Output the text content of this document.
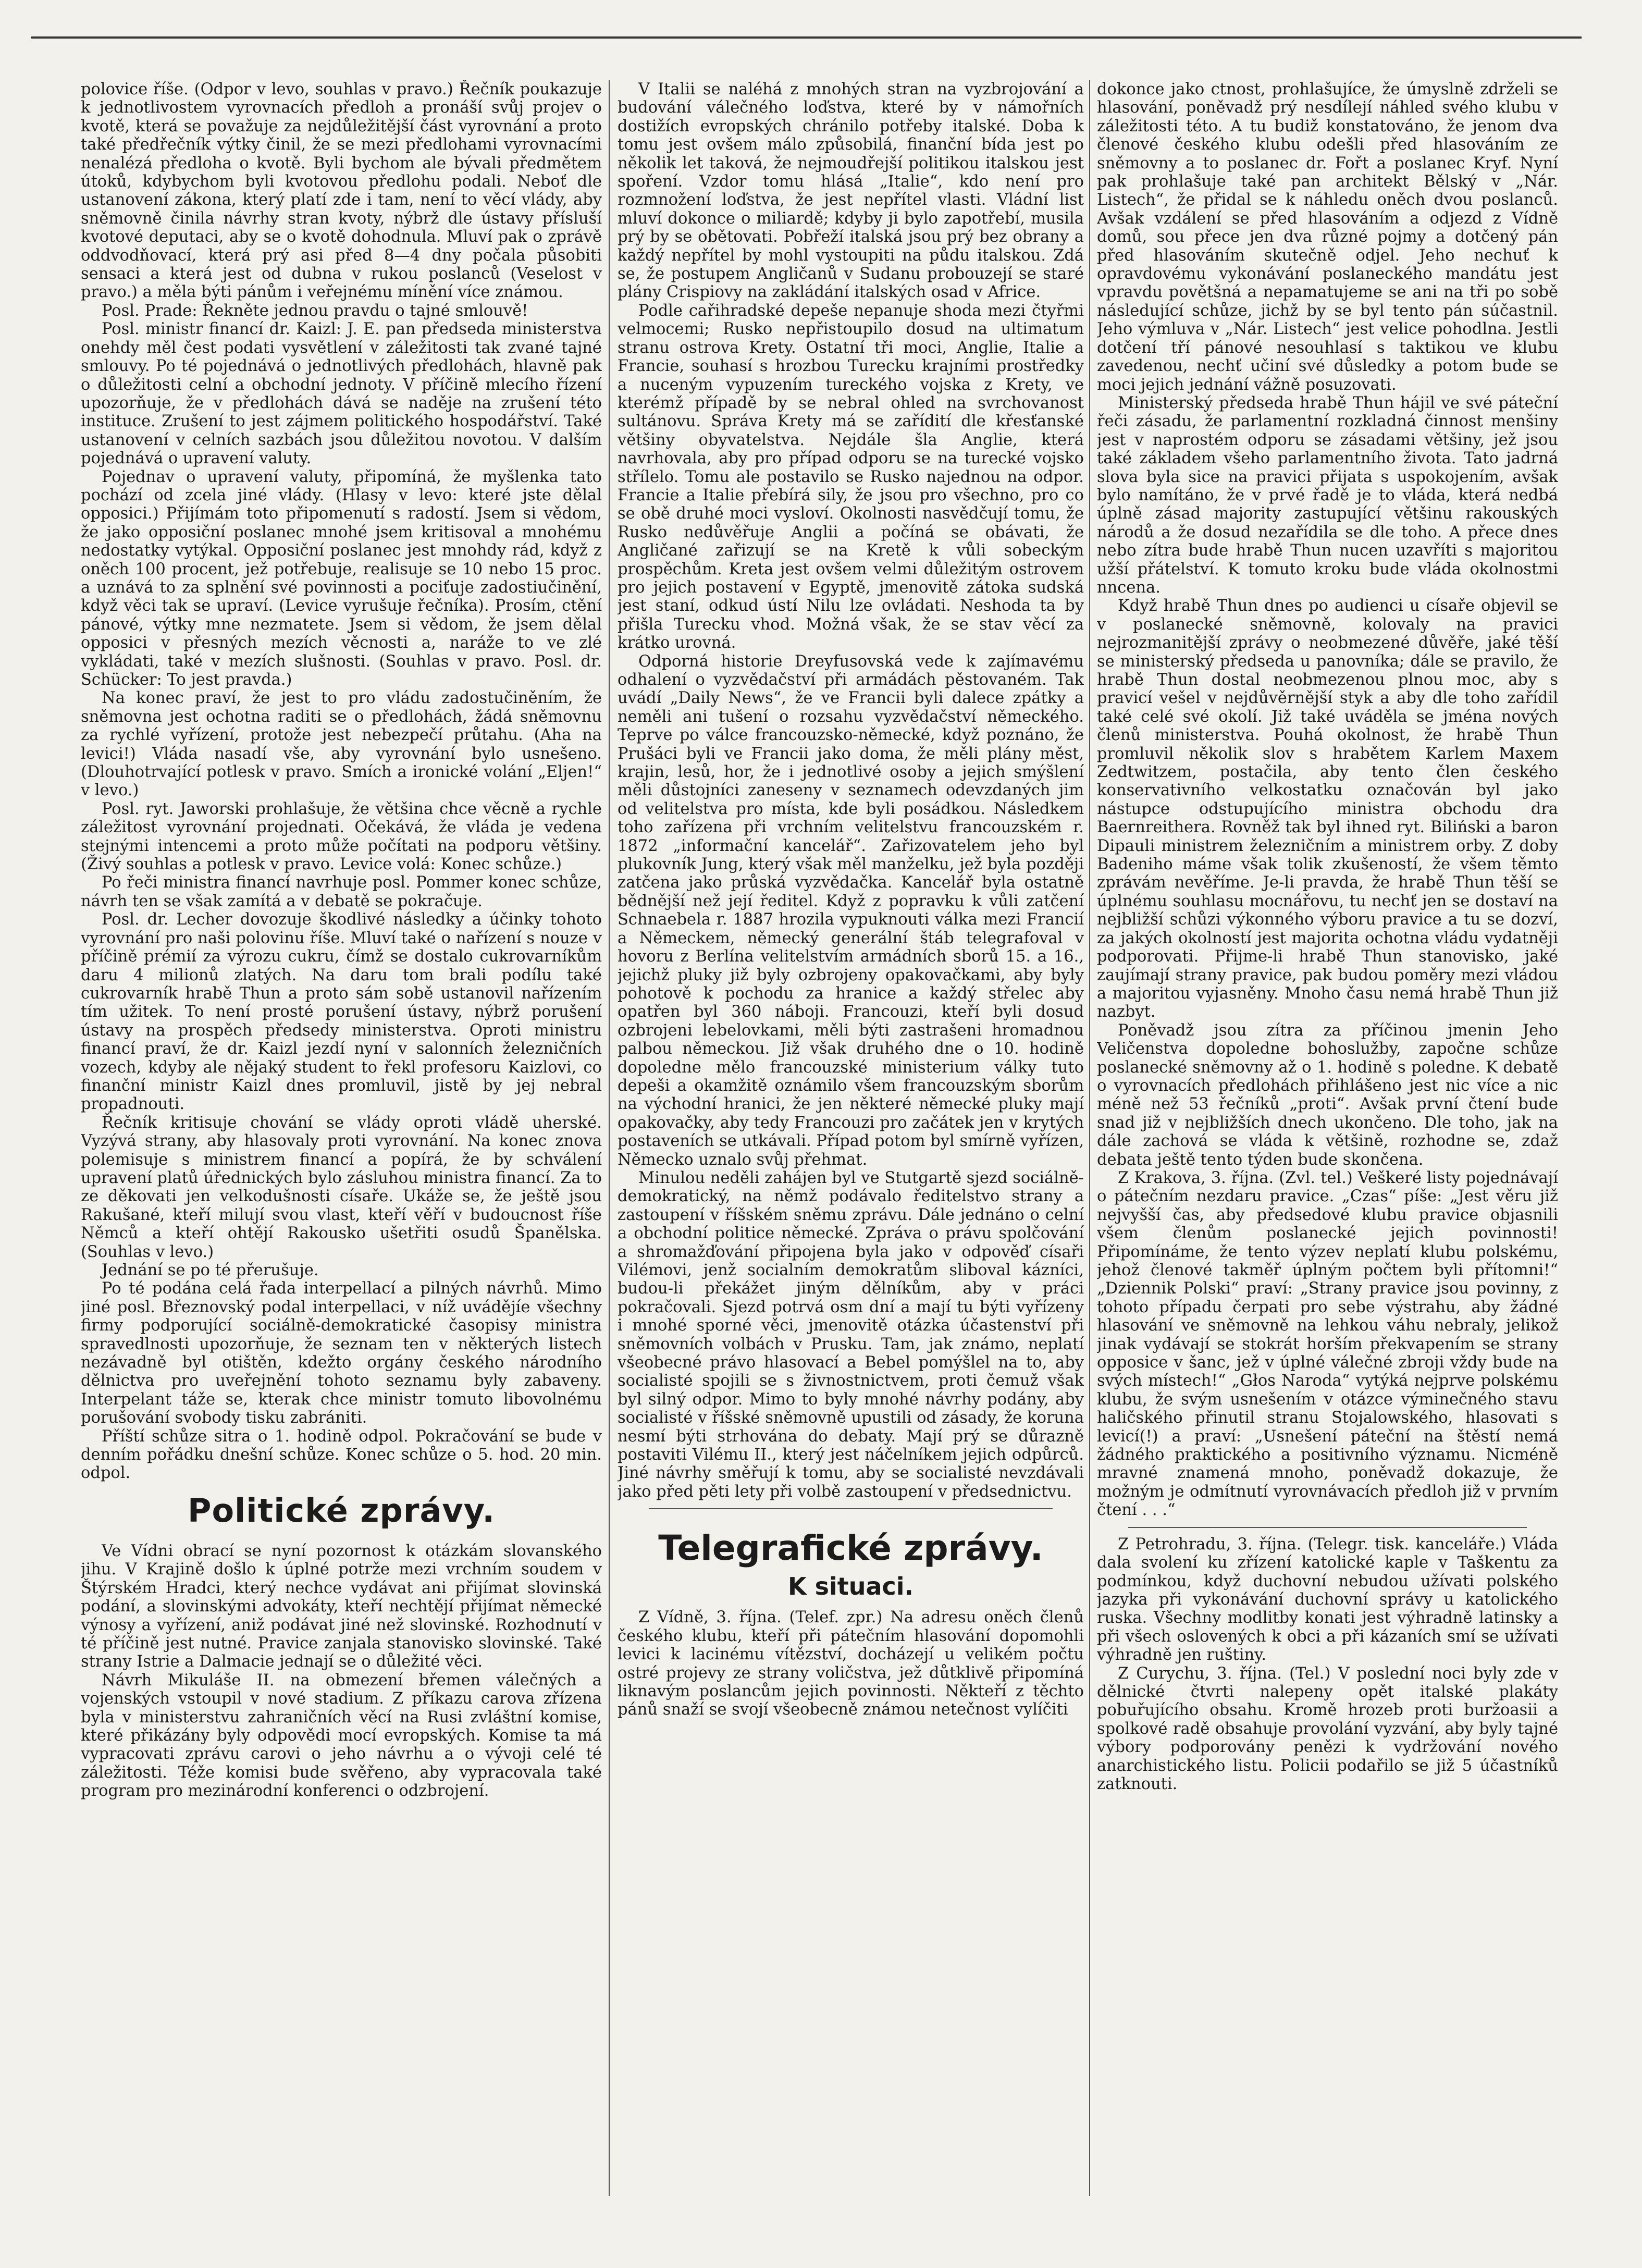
polovice říše. (Odpor v levo, souhlas v pravo.) Řečník poukazuje k jednotlivostem vyrovnacích předloh a pronáší svůj projev o kvotě, která se považuje za nejdůležitější část vyrovnání a proto také předřečník výtky činil, že se mezi předlohami vyrovnacími nenalézá předloha o kvotě. Byli bychom ale bývali předmětem útoků, kdybychom byli kvotovou předlohu podali. Neboť dle ustanovení zákona, který platí zde i tam, není to věcí vlády, aby sněmovně činila návrhy stran kvoty, nýbrž dle ústavy přísluší kvotové deputaci, aby se o kvotě dohodnula. Mluví pak o zprávě oddvodňovací, která prý asi před 8—4 dny počala působiti sensaci a která jest od dubna v rukou poslanců (Veselost v pravo.) a měla býti pánům i veřejnému mínění více známou.

Posl. Prade: Řekněte jednou pravdu o tajné smlouvě!

Posl. ministr financí dr. Kaizl: J. E. pan předseda ministerstva onehdy měl čest podati vysvětlení v záležitosti tak zvané tajné smlouvy. Po té pojednává o jednotlivých předlohách, hlavně pak o důležitosti celní a obchodní jednoty. V příčině mlecího řízení upozorňuje, že v předlohách dává se naděje na zrušení této instituce. Zrušení to jest zájmem politického hospodářství. Také ustanovení v celních sazbách jsou důležitou novotou. V dalším pojednává o upravení valuty.

Pojednav o upravení valuty, připomíná, že myšlenka tato pochází od zcela jiné vlády. (Hlasy v levo: které jste dělal opposici.) Přijímám toto připomenutí s radostí. Jsem si vědom, že jako opposiční poslanec mnohé jsem kritisoval a mnohému nedostatky vytýkal. Opposiční poslanec jest mnohdy rád, když z oněch 100 procent, jež potřebuje, realisuje se 10 nebo 15 proc. a uznává to za splnění své povinnosti a pociťuje zadostiučinění, když věci tak se upraví. (Levice vyrušuje řečníka). Prosím, ctění pánové, výtky mne nezmatete. Jsem si vědom, že jsem dělal opposici v přesných mezích věcnosti a, naráže to ve zlé vykládati, také v mezích slušnosti. (Souhlas v pravo. Posl. dr. Schücker: To jest pravda.)

Na konec praví, že jest to pro vládu zadostučiněním, že sněmovna jest ochotna raditi se o předlohách, žádá sněmovnu za rychlé vyřízení, protože jest nebezpečí průtahu. (Aha na levici!) Vláda nasadí vše, aby vyrovnání bylo usnešeno. (Dlouhotrvající potlesk v pravo. Smích a ironické volání „Eljen!“ v levo.)

Posl. ryt. Jaworski prohlašuje, že většina chce věcně a rychle záležitost vyrovnání projednati. Očekává, že vláda je vedena stejnými intencemi a proto může počítati na podporu většiny. (Živý souhlas a potlesk v pravo. Levice volá: Konec schůze.)

Po řeči ministra financí navrhuje posl. Pommer konec schůze, návrh ten se však zamítá a v debatě se pokračuje.

Posl. dr. Lecher dovozuje škodlivé následky a účinky tohoto vyrovnání pro naši polovinu říše. Mluví také o nařízení s nouze v příčině prémií za výrozu cukru, čímž se dostalo cukrovarníkům daru 4 milionů zlatých. Na daru tom brali podílu také cukrovarník hrabě Thun a proto sám sobě ustanovil nařízením tím užitek. To není prosté porušení ústavy, nýbrž porušení ústavy na prospěch předsedy ministerstva. Oproti ministru financí praví, že dr. Kaizl jezdí nyní v salonních železničních vozech, kdyby ale nějaký student to řekl profesoru Kaizlovi, co finanční ministr Kaizl dnes promluvil, jistě by jej nebral propadnouti.

Řečník kritisuje chování se vlády oproti vládě uherské. Vyzývá strany, aby hlasovaly proti vyrovnání. Na konec znova polemisuje s ministrem financí a popírá, že by schválení upravení platů úřednických bylo zásluhou ministra financí. Za to ze děkovati jen velkodušnosti císaře. Ukáže se, že ještě jsou Rakušané, kteří milují svou vlast, kteří věří v budoucnost říše Němců a kteří ohtějí Rakousko ušetřiti osudů Španělska. (Souhlas v levo.)

Jednání se po té přerušuje.

Po té podána celá řada interpellací a pilných návrhů. Mimo jiné posl. Březnovský podal interpellaci, v níž uvádějíe všechny firmy podporující sociálně-demokratické časopisy ministra spravedlnosti upozorňuje, že seznam ten v některých listech nezávadně byl otištěn, kdežto orgány českého národního dělnictva pro uveřejnění tohoto seznamu byly zabaveny. Interpelant táže se, kterak chce ministr tomuto libovolnému porušování svobody tisku zabrániti.

Příští schůze sitra o 1. hodině odpol. Pokračování se bude v denním pořádku dnešní schůze. Konec schůze o 5. hod. 20 min. odpol.

Politické zprávy.

Ve Vídni obrací se nyní pozornost k otázkám slovanského jihu. V Krajině došlo k úplné potrže mezi vrchním soudem v Štýrském Hradci, který nechce vydávat ani přijímat slovinská podání, a slovinskými advokáty, kteří nechtějí přijímat německé výnosy a vyřízení, aniž podávat jiné než slovinské. Rozhodnutí v té příčině jest nutné. Pravice zanjala stanovisko slovinské. Také strany Istrie a Dalmacie jednají se o důležité věci.

Návrh Mikuláše II. na obmezení břemen válečných a vojenských vstoupil v nové stadium. Z příkazu carova zřízena byla v ministerstvu zahraničních věcí na Rusi zvláštní komise, které přikázány byly odpovědi mocí evropských. Komise ta má vypracovati zprávu carovi o jeho návrhu a o vývoji celé té záležitosti. Téže komisi bude svěřeno, aby vypracovala také program pro mezinárodní konferenci o odzbrojení.

V Italii se naléhá z mnohých stran na vyzbrojování a budování válečného loďstva, které by v námořních dostižích evropských chránilo potřeby italské. Doba k tomu jest ovšem málo způsobilá, finanční bída jest po několik let taková, že nejmoudřejší politikou italskou jest spoření. Vzdor tomu hlásá „Italie“, kdo není pro rozmnožení loďstva, že jest nepřítel vlasti. Vládní list mluví dokonce o miliardě; kdyby ji bylo zapotřebí, musila prý by se obětovati. Pobřeží italská jsou prý bez obrany a každý nepřítel by mohl vystoupiti na půdu italskou. Zdá se, že postupem Angličanů v Sudanu probouzejí se staré plány Crispiovy na zakládání italských osad v Africe.

Podle cařihradské depeše nepanuje shoda mezi čtyřmi velmocemi; Rusko nepřistoupilo dosud na ultimatum stranu ostrova Krety. Ostatní tři moci, Anglie, Italie a Francie, souhasí s hrozbou Turecku krajními prostředky a nuceným vypuzením tureckého vojska z Krety, ve kterémž případě by se nebral ohled na svrchovanost sultánovu. Správa Krety má se zařídití dle křesťanské většiny obyvatelstva. Nejdále šla Anglie, která navrhovala, aby pro případ odporu se na turecké vojsko střílelo. Tomu ale postavilo se Rusko najednou na odpor. Francie a Italie přebírá sily, že jsou pro všechno, pro co se obě druhé moci vysloví. Okolnosti nasvědčují tomu, že Rusko nedůvěřuje Anglii a počíná se obávati, že Angličané zařizují se na Kretě k vůli sobeckým prospěchům. Kreta jest ovšem velmi důležitým ostrovem pro jejich postavení v Egyptě, jmenovitě zátoka sudská jest staní, odkud ústí Nilu lze ovládati. Neshoda ta by přišla Turecku vhod. Možná však, že se stav věcí za krátko urovná.

Odporná historie Dreyfusovská vede k zajímavému odhalení o vyzvědačství při armádách pěstovaném. Tak uvádí „Daily News“, že ve Francii byli dalece zpátky a neměli ani tušení o rozsahu vyzvědačství německého. Teprve po válce francouzsko-německé, když poznáno, že Prušáci byli ve Francii jako doma, že měli plány měst, krajin, lesů, hor, že i jednotlivé osoby a jejich smýšlení měli důstojníci zaneseny v seznamech odevzdaných jim od velitelstva pro místa, kde byli posádkou. Následkem toho zařízena při vrchním velitelstvu francouzském r. 1872 „informační kancelář“. Zařizovatelem jeho byl plukovník Jung, který však měl manželku, jež byla později zatčena jako průská vyzvědačka. Kancelář byla ostatně bědnější než její ředitel. Když z popravku k vůli zatčení Schnaebela r. 1887 hrozila vypuknouti válka mezi Francií a Německem, německý generální štáb telegrafoval v hovoru z Berlína velitelstvím armádních sborů 15. a 16., jejichž pluky již byly ozbrojeny opakovačkami, aby byly pohotově k pochodu za hranice a každý střelec aby opatřen byl 360 náboji. Francouzi, kteří byli dosud ozbrojeni lebelovkami, měli býti zastrašeni hromadnou palbou německou. Již však druhého dne o 10. hodině dopoledne mělo francouzské ministerium války tuto depeši a okamžitě oznámilo všem francouzským sborům na východní hranici, že jen některé německé pluky mají opakovačky, aby tedy Francouzi pro začátek jen v krytých postaveních se utkávali. Případ potom byl smírně vyřízen, Německo uznalo svůj přehmat.

Minulou neděli zahájen byl ve Stutgartě sjezd sociálně-demokratický, na němž podávalo ředitelstvo strany a zastoupení v říšském sněmu zprávu. Dále jednáno o celní a obchodní politice německé. Zpráva o právu spolčování a shromažďování připojena byla jako v odpověď císaři Vilémovi, jenž socialním demokratům sliboval kázníci, budou-li překážet jiným dělníkům, aby v práci pokračovali. Sjezd potrvá osm dní a mají tu býti vyřízeny i mnohé sporné věci, jmenovitě otázka účastenství při sněmovních volbách v Prusku. Tam, jak známo, neplatí všeobecné právo hlasovací a Bebel pomýšlel na to, aby socialisté spojili se s živnostnictvem, proti čemuž však byl silný odpor. Mimo to byly mnohé návrhy podány, aby socialisté v říšské sněmovně upustili od zásady, že koruna nesmí býti strhována do debaty. Mají prý se důrazně postaviti Vilému II., který jest náčelníkem jejich odpůrců. Jiné návrhy směřují k tomu, aby se socialisté nevzdávali jako před pěti lety při volbě zastoupení v předsednictvu.

Telegrafické zprávy.
K situaci.

Z Vídně, 3. října. (Telef. zpr.) Na adresu oněch členů českého klubu, kteří při pátečním hlasování dopomohli levici k lacinému vítězství, docházejí u velikém počtu ostré projevy ze strany voličstva, jež důtklivě připomíná liknavým poslancům jejich povinnosti. Někteří z těchto pánů snaží se svojí všeobecně známou netečnost vylíčiti

dokonce jako ctnost, prohlašujíce, že úmyslně zdrželi se hlasování, poněvadž prý nesdílejí náhled svého klubu v záležitosti této. A tu budiž konstatováno, že jenom dva členové českého klubu odešli před hlasováním ze sněmovny a to poslanec dr. Fořt a poslanec Kryf. Nyní pak prohlašuje také pan architekt Bělský v „Nár. Listech“, že přidal se k náhledu oněch dvou poslanců. Avšak vzdálení se před hlasováním a odjezd z Vídně domů, sou přece jen dva různé pojmy a dotčený pán před hlasováním skutečně odjel. Jeho nechuť k opravdovému vykonávání poslaneckého mandátu jest vpravdu povětšná a nepamatujeme se ani na tři po sobě následující schůze, jichž by se byl tento pán súčastnil. Jeho výmluva v „Nár. Listech“ jest velice pohodlna. Jestli dotčení tří pánové nesouhlasí s taktikou ve klubu zavedenou, nechť učiní své důsledky a potom bude se moci jejich jednání vážně posuzovati.

Ministerský předseda hrabě Thun hájil ve své páteční řeči zásadu, že parlamentní rozkladná činnost menšiny jest v naprostém odporu se zásadami většiny, jež jsou také základem všeho parlamentního života. Tato jadrná slova byla sice na pravici přijata s uspokojením, avšak bylo namítáno, že v prvé řadě je to vláda, která nedbá úplně zásad majority zastupující většinu rakouských národů a že dosud nezařídila se dle toho. A přece dnes nebo zítra bude hrabě Thun nucen uzavříti s majoritou užší přátelství. K tomuto kroku bude vláda okolnostmi nncena.

Když hrabě Thun dnes po audienci u císaře objevil se v poslanecké sněmovně, kolovaly na pravici nejrozmanitější zprávy o neobmezené důvěře, jaké těší se ministerský předseda u panovníka; dále se pravilo, že hrabě Thun dostal neobmezenou plnou moc, aby s pravicí vešel v nejdůvěrnější styk a aby dle toho zařídil také celé své okolí. Již také uváděla se jména nových členů ministerstva. Pouhá okolnost, že hrabě Thun promluvil několik slov s hrabětem Karlem Maxem Zedtwitzem, postačila, aby tento člen českého konservativního velkostatku označován byl jako nástupce odstupujícího ministra obchodu dra Baernreithera. Rovněž tak byl ihned ryt. Biliński a baron Dipauli ministrem železničním a ministrem orby. Z doby Badeniho máme však tolik zkušeností, že všem těmto zprávám nevěříme. Je-li pravda, že hrabě Thun těší se úplnému souhlasu mocnářovu, tu nechť jen se dostaví na nejbližší schůzi výkonného výboru pravice a tu se dozví, za jakých okolností jest majorita ochotna vládu vydatněji podporovati. Přijme-li hrabě Thun stanovisko, jaké zaujímají strany pravice, pak budou poměry mezi vládou a majoritou vyjasněny. Mnoho času nemá hrabě Thun již nazbyt.

Poněvadž jsou zítra za příčinou jmenin Jeho Veličenstva dopoledne bohoslužby, započne schůze poslanecké sněmovny až o 1. hodině s poledne. K debatě o vyrovnacích předlohách přihlášeno jest nic více a nic méně než 53 řečníků „proti“. Avšak první čtení bude snad již v nejbližších dnech ukončeno. Dle toho, jak na dále zachová se vláda k většině, rozhodne se, zdaž debata ještě tento týden bude skončena.

Z Krakova, 3. října. (Zvl. tel.) Veškeré listy pojednávají o pátečním nezdaru pravice. „Czas“ píše: „Jest věru již nejvyšší čas, aby předsedové klubu pravice objasnili všem členům poslanecké jejich povinnosti! Připomínáme, že tento výzev neplatí klubu polskému, jehož členové takměř úplným počtem byli přítomni!“ „Dziennik Polski“ praví: „Strany pravice jsou povinny, z tohoto případu čerpati pro sebe výstrahu, aby žádné hlasování ve sněmovně na lehkou váhu nebraly, jelikož jinak vydávají se stokrát horším překvapením se strany opposice v šanc, jež v úplné válečné zbroji vždy bude na svých místech!“ „Głos Naroda“ vytýká nejprve polskému klubu, že svým usnešením v otázce výminečného stavu haličského přinutil stranu Stojalowského, hlasovati s levicí(!) a praví: „Usnešení páteční na štěstí nemá žádného praktického a positivního významu. Nicméně mravné znamená mnoho, poněvadž dokazuje, že možným je odmítnutí vyrovnávacích předloh již v prvním čtení . . .“

Z Petrohradu, 3. října. (Telegr. tisk. kanceláře.) Vláda dala svolení ku zřízení katolické kaple v Taškentu za podmínkou, když duchovní nebudou užívati polského jazyka při vykonávání duchovní správy u katolického ruska. Všechny modlitby konati jest výhradně latinsky a při všech oslovených k obci a při kázaních smí se užívati výhradně jen ruštiny.

Z Curychu, 3. října. (Tel.) V poslední noci byly zde v dělnické čtvrti nalepeny opět italské plakáty pobuřujícího obsahu. Kromě hrozeb proti buržoasii a spolkové radě obsahuje provolání vyzvání, aby byly tajné výbory podporovány penězi k vydržování nového anarchistického listu. Policii podařilo se již 5 účastníků zatknouti.
